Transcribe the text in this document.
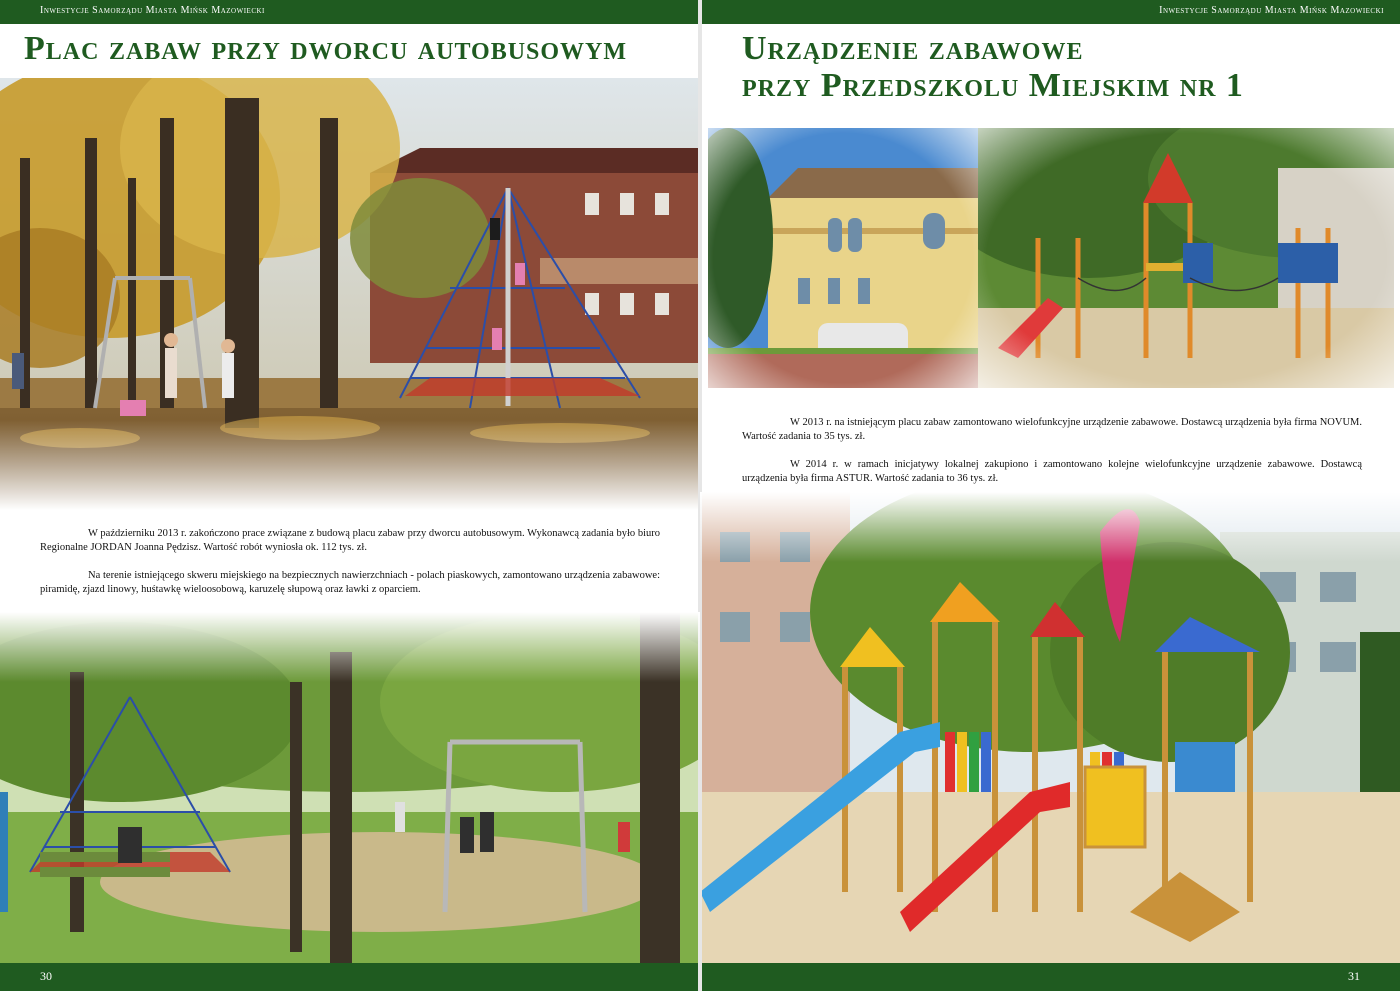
Inwestycje Samorządu Miasta Mińsk Mazowiecki
Plac zabaw przy dworcu autobusowym

W październiku 2013 r. zakończono prace związane z budową placu zabaw przy dworcu autobusowym. Wykonawcą zadania było biuro Regionalne JORDAN Joanna Pędzisz. Wartość robót wyniosła ok. 112 tys. zł.

Na terenie istniejącego skweru miejskiego na bezpiecznych nawierzchniach - polach piaskowych, zamontowano urządzenia zabawowe: piramidę, zjazd linowy, huśtawkę wieloosobową, karuzelę słupową oraz ławki z oparciem.

30
Inwestycje Samorządu Miasta Mińsk Mazowiecki
Urządzenie zabawowe
przy Przedszkolu Miejskim nr 1

W 2013 r. na istniejącym placu zabaw zamontowano wielofunkcyjne urządzenie zabawowe. Dostawcą urządzenia była firma NOVUM. Wartość zadania to 35 tys. zł.

W 2014 r. w ramach inicjatywy lokalnej zakupiono i zamontowano kolejne wielofunkcyjne urządzenie zabawowe. Dostawcą urządzenia była firma ASTUR. Wartość zadania to 36 tys. zł.

31
